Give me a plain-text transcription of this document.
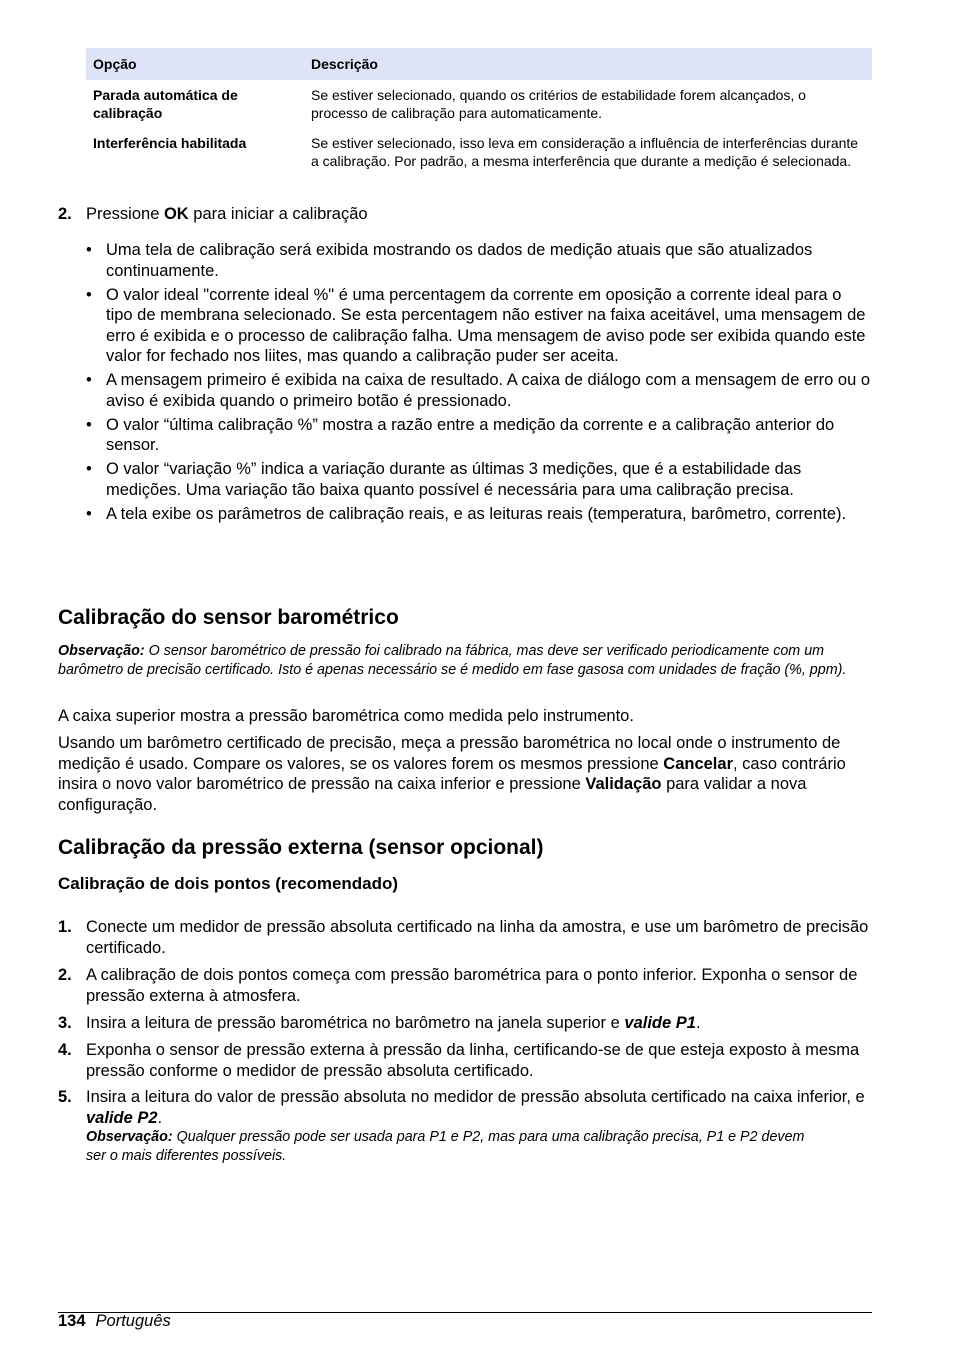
Opção	Descrição
Parada automática de calibração	Se estiver selecionado, quando os critérios de estabilidade forem alcançados, o processo de calibração para automaticamente.
Interferência habilitada	Se estiver selecionado, isso leva em consideração a influência de interferências durante a calibração. Por padrão, a mesma interferência que durante a medição é selecionada.
2. Pressione OK para iniciar a calibração
• Uma tela de calibração será exibida mostrando os dados de medição atuais que são atualizados continuamente.
• O valor ideal "corrente ideal %" é uma percentagem da corrente em oposição a corrente ideal para o tipo de membrana selecionado. Se esta percentagem não estiver na faixa aceitável, uma mensagem de erro é exibida e o processo de calibração falha. Uma mensagem de aviso pode ser exibida quando este valor for fechado nos liites, mas quando a calibração puder ser aceita.
• A mensagem primeiro é exibida na caixa de resultado. A caixa de diálogo com a mensagem de erro ou o aviso é exibida quando o primeiro botão é pressionado.
• O valor “última calibração %” mostra a razão entre a medição da corrente e a calibração anterior do sensor.
• O valor “variação %” indica a variação durante as últimas 3 medições, que é a estabilidade das medições. Uma variação tão baixa quanto possível é necessária para uma calibração precisa.
• A tela exibe os parâmetros de calibração reais, e as leituras reais (temperatura, barômetro, corrente).
Calibração do sensor barométrico
Observação: O sensor barométrico de pressão foi calibrado na fábrica, mas deve ser verificado periodicamente com um barômetro de precisão certificado. Isto é apenas necessário se é medido em fase gasosa com unidades de fração (%, ppm).
A caixa superior mostra a pressão barométrica como medida pelo instrumento.
Usando um barômetro certificado de precisão, meça a pressão barométrica no local onde o instrumento de medição é usado. Compare os valores, se os valores forem os mesmos pressione Cancelar, caso contrário insira o novo valor barométrico de pressão na caixa inferior e pressione Validação para validar a nova configuração.
Calibração da pressão externa (sensor opcional)
Calibração de dois pontos (recomendado)
1. Conecte um medidor de pressão absoluta certificado na linha da amostra, e use um barômetro de precisão certificado.
2. A calibração de dois pontos começa com pressão barométrica para o ponto inferior. Exponha o sensor de pressão externa à atmosfera.
3. Insira a leitura de pressão barométrica no barômetro na janela superior e valide P1.
4. Exponha o sensor de pressão externa à pressão da linha, certificando-se de que esteja exposto à mesma pressão conforme o medidor de pressão absoluta certificado.
5. Insira a leitura do valor de pressão absoluta no medidor de pressão absoluta certificado na caixa inferior, e valide P2.
Observação: Qualquer pressão pode ser usada para P1 e P2, mas para uma calibração precisa, P1 e P2 devem ser o mais diferentes possíveis.
134 Português
